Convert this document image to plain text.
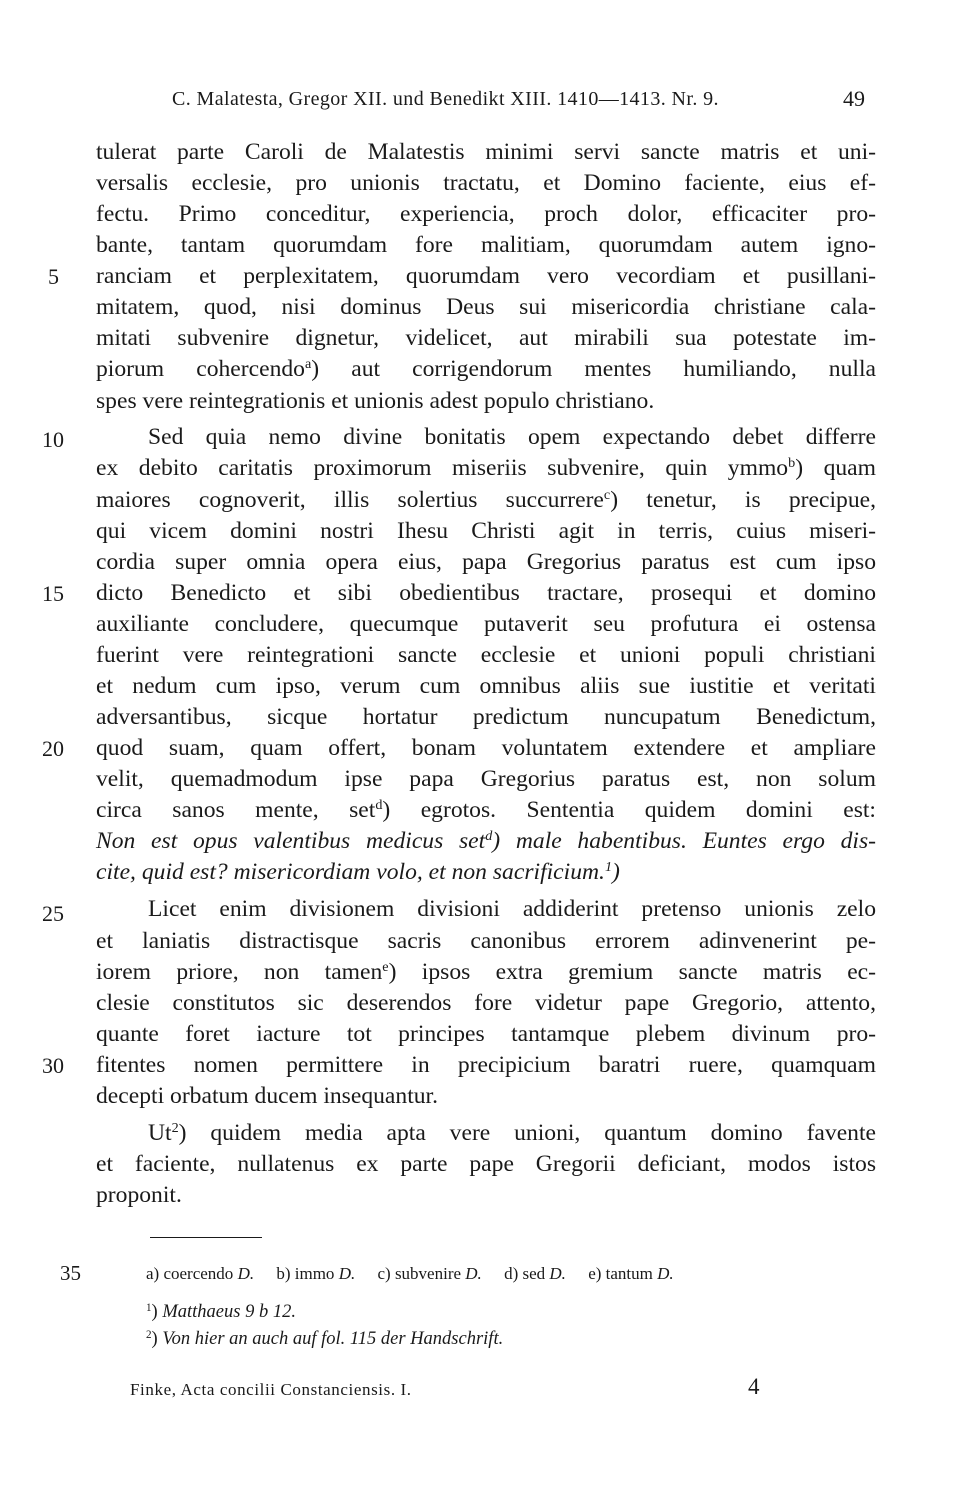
C. Malatesta, Gregor XII. und Benedikt XIII. 1410—1413. Nr. 9.	49
tulerat parte Caroli de Malatestis minimi servi sancte matris et uni-
versalis ecclesie, pro unionis tractatu, et Domino faciente, eius ef-
fectu. Primo conceditur, experiencia, proch dolor, efficaciter pro-
bante, tantam quorumdam fore malitiam, quorumdam autem igno-
ranciam et perplexitatem, quorumdam vero vecordiam et pusillani-
mitatem, quod, nisi dominus Deus sui misericordia christiane cala-
mitati subvenire dignetur, videlicet, aut mirabili sua potestate im-
piorum cohercendo$^a$) aut corrigendorum mentes humiliando, nulla
spes vere reintegrationis et unionis adest populo christiano.
Sed quia nemo divine bonitatis opem expectando debet differre
ex debito caritatis proximorum miseriis subvenire, quin ymmo$^b$) quam
maiores cognoverit, illis solertius succurrere$^c$) tenetur, is precipue,
qui vicem domini nostri Ihesu Christi agit in terris, cuius miseri-
cordia super omnia opera eius, papa Gregorius paratus est cum ipso
dicto Benedicto et sibi obedientibus tractare, prosequi et domino
auxiliante concludere, quecumque putaverit seu profutura ei ostensa
fuerint vere reintegrationi sancte ecclesie et unioni populi christiani
et nedum cum ipso, verum cum omnibus aliis sue iustitie et veritati
adversantibus, sicque hortatur predictum nuncupatum Benedictum,
quod suam, quam offert, bonam voluntatem extendere et ampliare
velit, quemadmodum ipse papa Gregorius paratus est, non solum
circa sanos mente, set$^d$) egrotos. Sententia quidem domini est:
Non est opus valentibus medicus set$^d$) male habentibus. Euntes ergo dis-
cite, quid est? misericordiam volo, et non sacrificium.$^1$)
Licet enim divisionem divisioni addiderint pretenso unionis zelo
et laniatis distractisque sacris canonibus errorem adinvenerint pe-
iorem priore, non tamen$^e$) ipsos extra gremium sancte matris ec-
clesie constitutos sic deserendos fore videtur pape Gregorio, attento,
quante foret iacture tot principes tantamque plebem divinum pro-
fitentes nomen permittere in precipicium baratri ruere, quamquam
decepti orbatum ducem insequantur.
Ut$^2$) quidem media apta vere unioni, quantum domino favente
et faciente, nullatenus ex parte pape Gregorii deficiant, modos istos
proponit.
5
10
15
20
25
30
35	a) coercendo D. b) immo D. c) subvenire D. d) sed D. e) tantum D.
$^1$) Matthaeus 9 b 12.
$^2$) Von hier an auch auf fol. 115 der Handschrift.
Finke, Acta concilii Constanciensis. I.	4
